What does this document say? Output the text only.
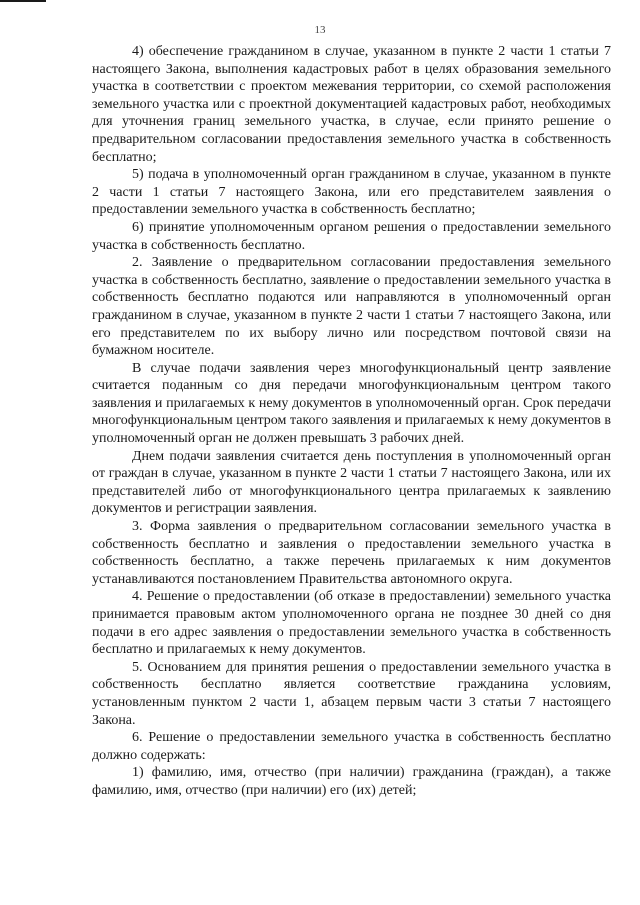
13

4) обеспечение гражданином в случае, указанном в пункте 2 части 1 статьи 7 настоящего Закона, выполнения кадастровых работ в целях образования земельного участка в соответствии с проектом межевания территории, со схемой расположения земельного участка или с проектной документацией кадастровых работ, необходимых для уточнения границ земельного участка, в случае, если принято решение о предварительном согласовании предоставления земельного участка в собственность бесплатно;

5) подача в уполномоченный орган гражданином в случае, указанном в пункте 2 части 1 статьи 7 настоящего Закона, или его представителем заявления о предоставлении земельного участка в собственность бесплатно;

6) принятие уполномоченным органом решения о предоставлении земельного участка в собственность бесплатно.

2. Заявление о предварительном согласовании предоставления земельного участка в собственность бесплатно, заявление о предоставлении земельного участка в собственность бесплатно подаются или направляются в уполномоченный орган гражданином в случае, указанном в пункте 2 части 1 статьи 7 настоящего Закона, или его представителем по их выбору лично или посредством почтовой связи на бумажном носителе.

В случае подачи заявления через многофункциональный центр заявление считается поданным со дня передачи многофункциональным центром такого заявления и прилагаемых к нему документов в уполномоченный орган. Срок передачи многофункциональным центром такого заявления и прилагаемых к нему документов в уполномоченный орган не должен превышать 3 рабочих дней.

Днем подачи заявления считается день поступления в уполномоченный орган от граждан в случае, указанном в пункте 2 части 1 статьи 7 настоящего Закона, или их представителей либо от многофункционального центра прилагаемых к заявлению документов и регистрации заявления.

3. Форма заявления о предварительном согласовании земельного участка в собственность бесплатно и заявления о предоставлении земельного участка в собственность бесплатно, а также перечень прилагаемых к ним документов устанавливаются постановлением Правительства автономного округа.

4. Решение о предоставлении (об отказе в предоставлении) земельного участка принимается правовым актом уполномоченного органа не позднее 30 дней со дня подачи в его адрес заявления о предоставлении земельного участка в собственность бесплатно и прилагаемых к нему документов.

5. Основанием для принятия решения о предоставлении земельного участка в собственность бесплатно является соответствие гражданина условиям, установленным пунктом 2 части 1, абзацем первым части 3 статьи 7 настоящего Закона.

6. Решение о предоставлении земельного участка в собственность бесплатно должно содержать:

1) фамилию, имя, отчество (при наличии) гражданина (граждан), а также фамилию, имя, отчество (при наличии) его (их) детей;
